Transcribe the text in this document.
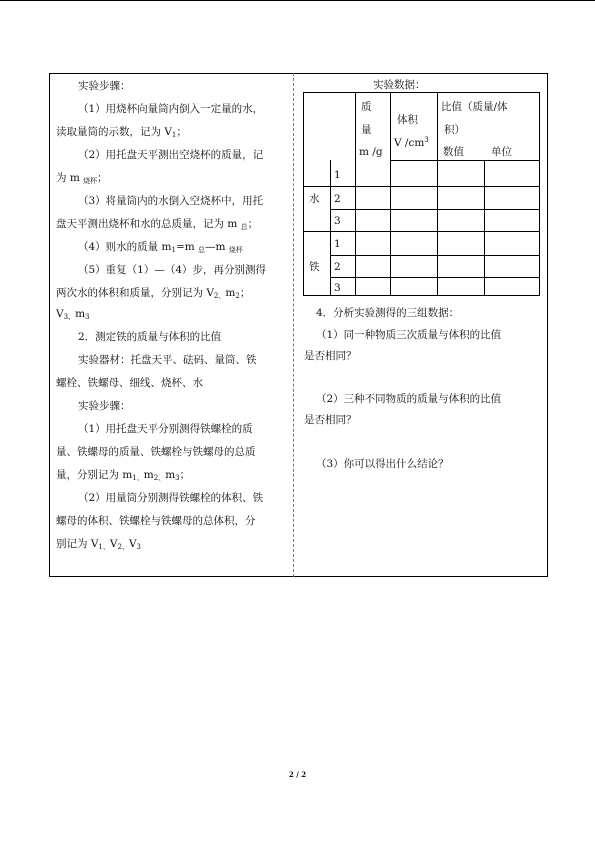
实验步骤：
（1）用烧杯向量筒内倒入一定量的水，
读取量筒的示数，记为 $V_1$；
（2）用托盘天平测出空烧杯的质量，记
为 m $_{烧杯}$；
（3）将量筒内的水倒入空烧杯中，用托
盘天平测出烧杯和水的总质量，记为 m $_总$；
（4）则水的质量 $m_1=m$ $_总$—m $_{烧杯}$
（5）重复（1）—（4）步，再分别测得
两次水的体积和质量，分别记为 $V_{2、}m_2$；
$V_{3、}m_3$
2．测定铁的质量与体积的比值
实验器材：托盘天平、砝码、量筒、铁
螺栓、铁螺母、细线、烧杯、水
实验步骤：
（1）用托盘天平分别测得铁螺栓的质
量、铁螺母的质量、铁螺栓与铁螺母的总质
量，分别记为 $m_{1、}m_{2、}m_3$；
（2）用量筒分别测得铁螺栓的体积、铁
螺母的体积、铁螺栓与铁螺母的总体积，分
别记为 $V_{1、}V_{2、}V_3$
实验数据：
质
量
m /g
体积
V $/cm^3$
比值（质量/体
积）
数值	单位
水
铁
1
2
3
1
2
3
4．分析实验测得的三组数据：
（1）同一种物质三次质量与体积的比值
是否相同？
（2）三种不同物质的质量与体积的比值
是否相同？
（3）你可以得出什么结论？
2 / 2
